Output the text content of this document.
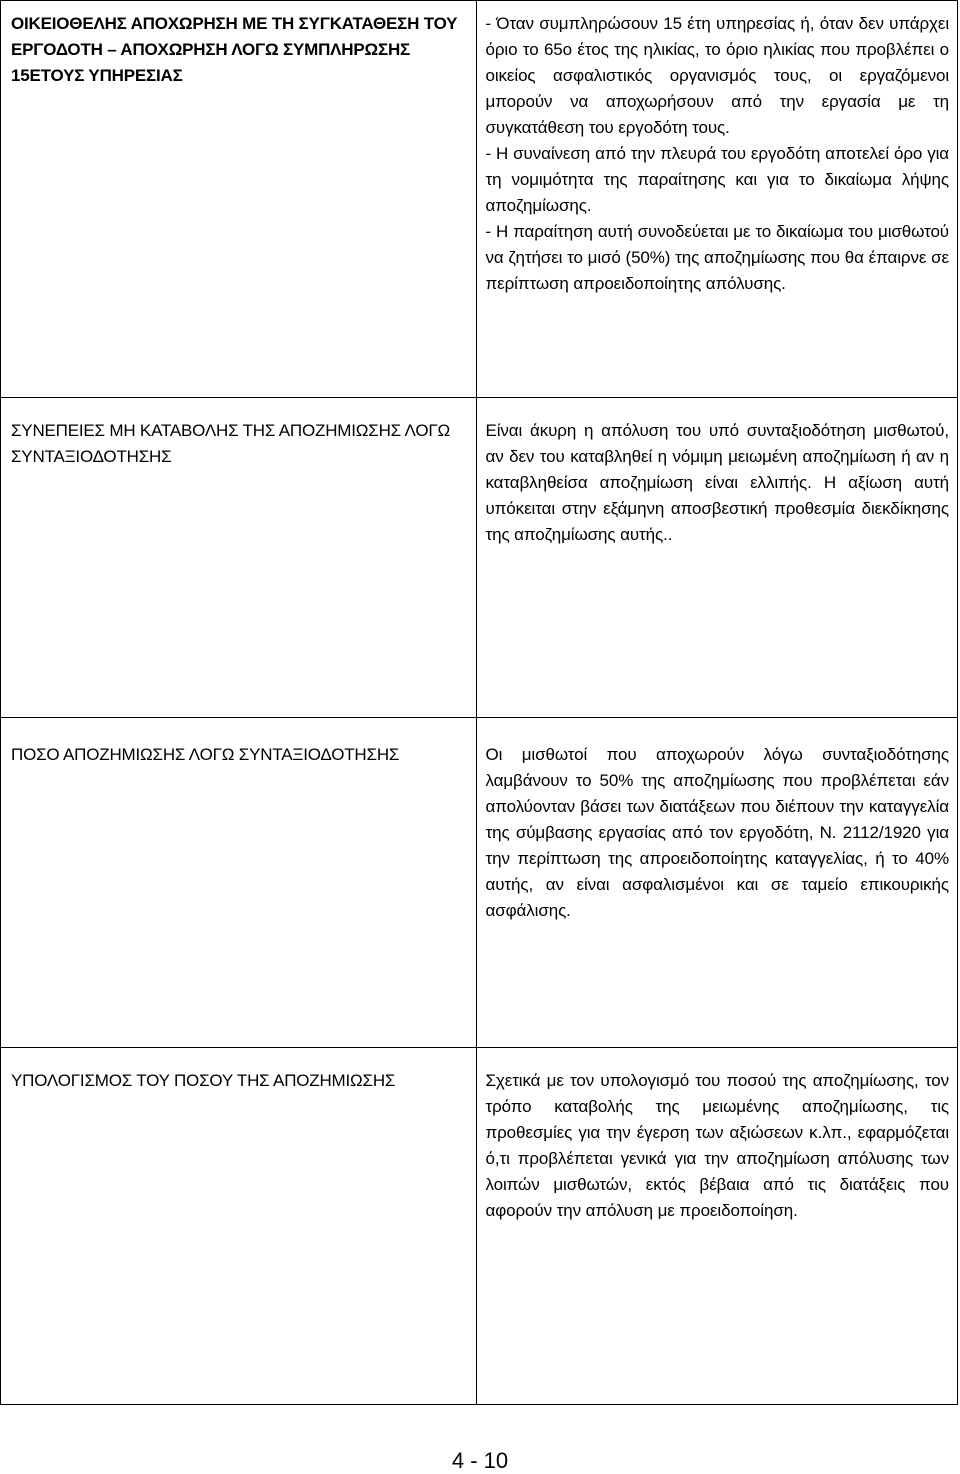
ΟΙΚΕΙΟΘΕΛΗΣ ΑΠΟΧΩΡΗΣΗ ΜΕ ΤΗ ΣΥΓΚΑΤΑΘΕΣΗ ΤΟΥ ΕΡΓΟΔΟΤΗ – ΑΠΟΧΩΡΗΣΗ ΛΟΓΩ ΣΥΜΠΛΗΡΩΣΗΣ 15ΕΤΟΥΣ ΥΠΗΡΕΣΙΑΣ	- Όταν συμπληρώσουν 15 έτη υπηρεσίας ή, όταν δεν υπάρχει όριο το 65ο έτος της ηλικίας, το όριο ηλικίας που προβλέπει ο οικείος ασφαλιστικός οργανισμός τους, οι εργαζόμενοι μπορούν να αποχωρήσουν από την εργασία με τη συγκατάθεση του εργοδότη τους.

- Η συναίνεση από την πλευρά του εργοδότη αποτελεί όρο για τη νομιμότητα της παραίτησης και για το δικαίωμα λήψης αποζημίωσης.

- Η παραίτηση αυτή συνοδεύεται με το δικαίωμα του μισθωτού να ζητήσει το μισό (50%) της αποζημίωσης που θα έπαιρνε σε περίπτωση απροειδοποίητης απόλυσης.

ΣΥΝΕΠΕΙΕΣ ΜΗ ΚΑΤΑΒΟΛΗΣ ΤΗΣ ΑΠΟΖΗΜΙΩΣΗΣ ΛΟΓΩ ΣΥΝΤΑΞΙΟΔΟΤΗΣΗΣ	Είναι άκυρη η απόλυση του υπό συνταξιοδότηση μισθωτού, αν δεν του καταβληθεί η νόμιμη μειωμένη αποζημίωση ή αν η καταβληθείσα αποζημίωση είναι ελλιπής. Η αξίωση αυτή υπόκειται στην εξάμηνη αποσβεστική προθεσμία διεκδίκησης της αποζημίωσης αυτής..

ΠΟΣΟ ΑΠΟΖΗΜΙΩΣΗΣ ΛΟΓΩ ΣΥΝΤΑΞΙΟΔΟΤΗΣΗΣ	Οι μισθωτοί που αποχωρούν λόγω συνταξιοδότησης λαμβάνουν το 50% της αποζημίωσης που προβλέπεται εάν απολύονταν βάσει των διατάξεων που διέπουν την καταγγελία της σύμβασης εργασίας από τον εργοδότη, Ν. 2112/1920 για την περίπτωση της απροειδοποίητης καταγγελίας, ή το 40% αυτής, αν είναι ασφαλισμένοι και σε ταμείο επικουρικής ασφάλισης.

ΥΠΟΛΟΓΙΣΜΟΣ ΤΟΥ ΠΟΣΟΥ ΤΗΣ ΑΠΟΖΗΜΙΩΣΗΣ	Σχετικά με τον υπολογισμό του ποσού της αποζημίωσης, τον τρόπο καταβολής της μειωμένης αποζημίωσης, τις προθεσμίες για την έγερση των αξιώσεων κ.λπ., εφαρμόζεται ό,τι προβλέπεται γενικά για την αποζημίωση απόλυσης των λοιπών μισθωτών, εκτός βέβαια από τις διατάξεις που αφορούν την απόλυση με προειδοποίηση.

4 - 10
